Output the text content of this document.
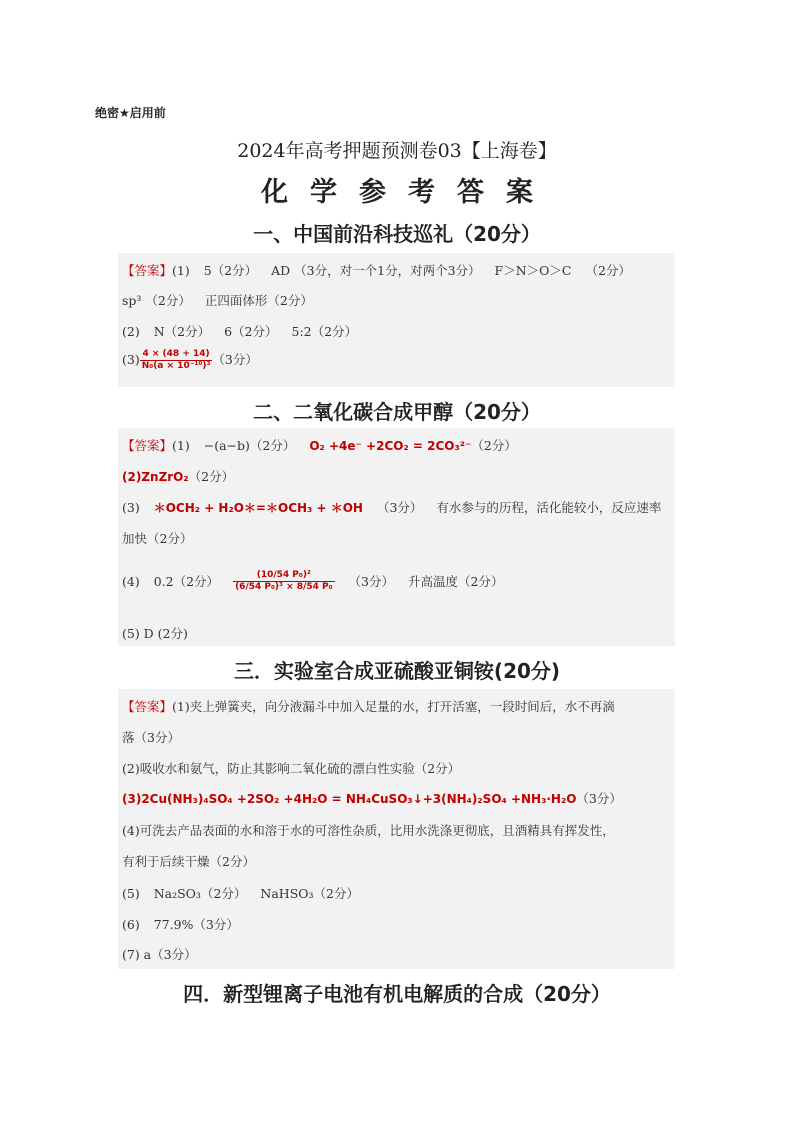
绝密★启用前
2024年高考押题预测卷03【上海卷】
化学参考答案
一、中国前沿科技巡礼（20分）
【答案】(1) 5（2分） AD （3分，对一个1分，对两个3分） F＞N＞O＞C （2分）
sp³ （2分） 正四面体形（2分）
(2) N（2分） 6（2分） 5:2（2分）
$(3) \frac{4 \times (48 + 14)}{\text{N₀(a × 10⁻¹⁰)³}} (3$分）
二、二氧化碳合成甲醇（20分）
【答案】(1) −(a−b)（2分） O₂ +4e⁻ +2CO₂ = 2CO₃²⁻（2分）
(2)ZnZrO₂（2分）
(3) ＊OCH₂ + H₂O＊=＊OCH₃ + ＊OH （3分） 有水参与的历程，活化能较小，反应速率
加快（2分）
(4) 0.2（2分） $\frac{\text{(10/54 P₀)²}}{\text{(6/54 P₀)³ × 8/54 P₀}} (3$分） 升高温度（2分）
(5) D (2分)
三．实验室合成亚硫酸亚铜铵(20分)
【答案】(1)夹上弹簧夹，向分液漏斗中加入足量的水，打开活塞，一段时间后，水不再滴
落（3分）
(2)吸收水和氨气，防止其影响二氧化硫的漂白性实验（2分）
(3)2Cu(NH₃)₄SO₄ +2SO₂ +4H₂O = NH₄CuSO₃↓+3(NH₄)₂SO₄ +NH₃·H₂O（3分）
(4)可洗去产品表面的水和溶于水的可溶性杂质，比用水洗涤更彻底，且酒精具有挥发性，
有利于后续干燥（2分）
(5) Na₂SO₃（2分） NaHSO₃（2分）
(6) 77.9%（3分）
(7) a（3分）
四．新型锂离子电池有机电解质的合成（20分）
